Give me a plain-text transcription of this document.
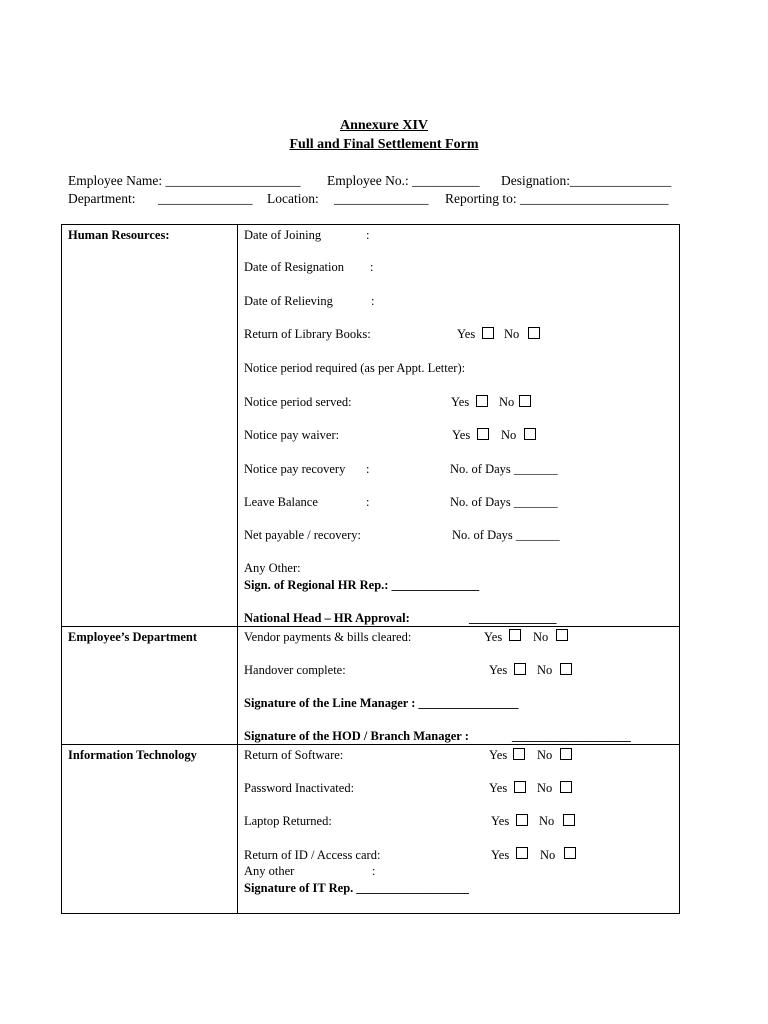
Annexure XIV
Full and Final Settlement Form
Employee Name: ____________________ Employee No.: __________ Designation:_______________
Department: ______________ Location: ______________ Reporting to: ______________________
Human Resources:	Date of Joining	:
Date of Resignation :
Date of Relieving	:
Return of Library Books:	Yes No
Notice period required (as per Appt. Letter):
Notice period served:	Yes No
Notice pay waiver:	Yes No
Notice pay recovery :	No. of Days _______
Leave Balance	:	No. of Days _______
Net payable / recovery:	No. of Days _______
Any Other:
Sign. of Regional HR Rep.: ______________
National Head – HR Approval:	______________
Employee’s Department	Vendor payments & bills cleared:	Yes No
Handover complete:	Yes No
Signature of the Line Manager : ________________
Signature of the HOD / Branch Manager :	___________________
Information Technology	Return of Software:	Yes No
Password Inactivated:	Yes No
Laptop Returned:	Yes No
Return of ID / Access card:	Yes No
Any other	:
Signature of IT Rep. __________________
